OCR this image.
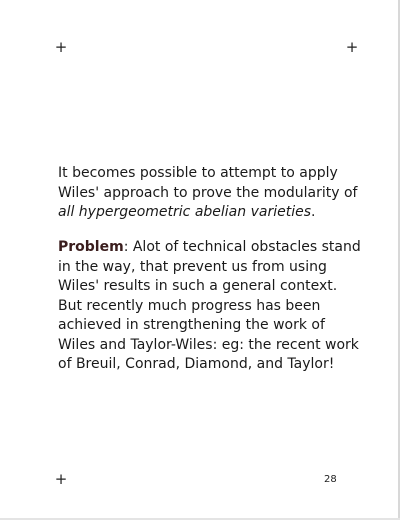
+	+
+

It becomes possible to attempt to apply Wiles' approach to prove the modularity of all hypergeometric abelian varieties.

Problem: Alot of technical obstacles stand in the way, that prevent us from using Wiles' results in such a general context. But recently much progress has been achieved in strengthening the work of Wiles and Taylor-Wiles: eg: the recent work of Breuil, Conrad, Diamond, and Taylor!

28
